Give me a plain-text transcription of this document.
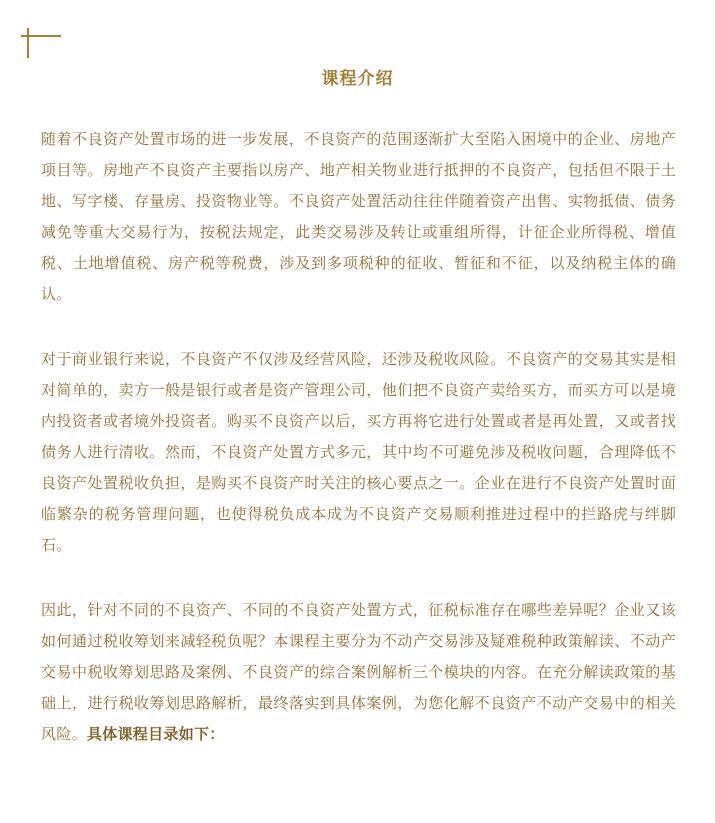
课程介绍

随着不良资产处置市场的进一步发展，不良资产的范围逐渐扩大至陷入困境中的企业、房地产项目等。房地产不良资产主要指以房产、地产相关物业进行抵押的不良资产，包括但不限于土地、写字楼、存量房、投资物业等。不良资产处置活动往往伴随着资产出售、实物抵债、债务减免等重大交易行为，按税法规定，此类交易涉及转让或重组所得，计征企业所得税、增值税、土地增值税、房产税等税费，涉及到多项税种的征收、暂征和不征，以及纳税主体的确认。

对于商业银行来说，不良资产不仅涉及经营风险，还涉及税收风险。不良资产的交易其实是相对简单的，卖方一般是银行或者是资产管理公司，他们把不良资产卖给买方，而买方可以是境内投资者或者境外投资者。购买不良资产以后，买方再将它进行处置或者是再处置，又或者找债务人进行清收。然而，不良资产处置方式多元，其中均不可避免涉及税收问题，合理降低不良资产处置税收负担，是购买不良资产时关注的核心要点之一。企业在进行不良资产处置时面临繁杂的税务管理问题，也使得税负成本成为不良资产交易顺利推进过程中的拦路虎与绊脚石。

因此，针对不同的不良资产、不同的不良资产处置方式，征税标准存在哪些差异呢？企业又该如何通过税收筹划来减轻税负呢？本课程主要分为不动产交易涉及疑难税种政策解读、不动产交易中税收筹划思路及案例、不良资产的综合案例解析三个模块的内容。在充分解读政策的基础上，进行税收筹划思路解析，最终落实到具体案例，为您化解不良资产不动产交易中的相关风险。具体课程目录如下：
